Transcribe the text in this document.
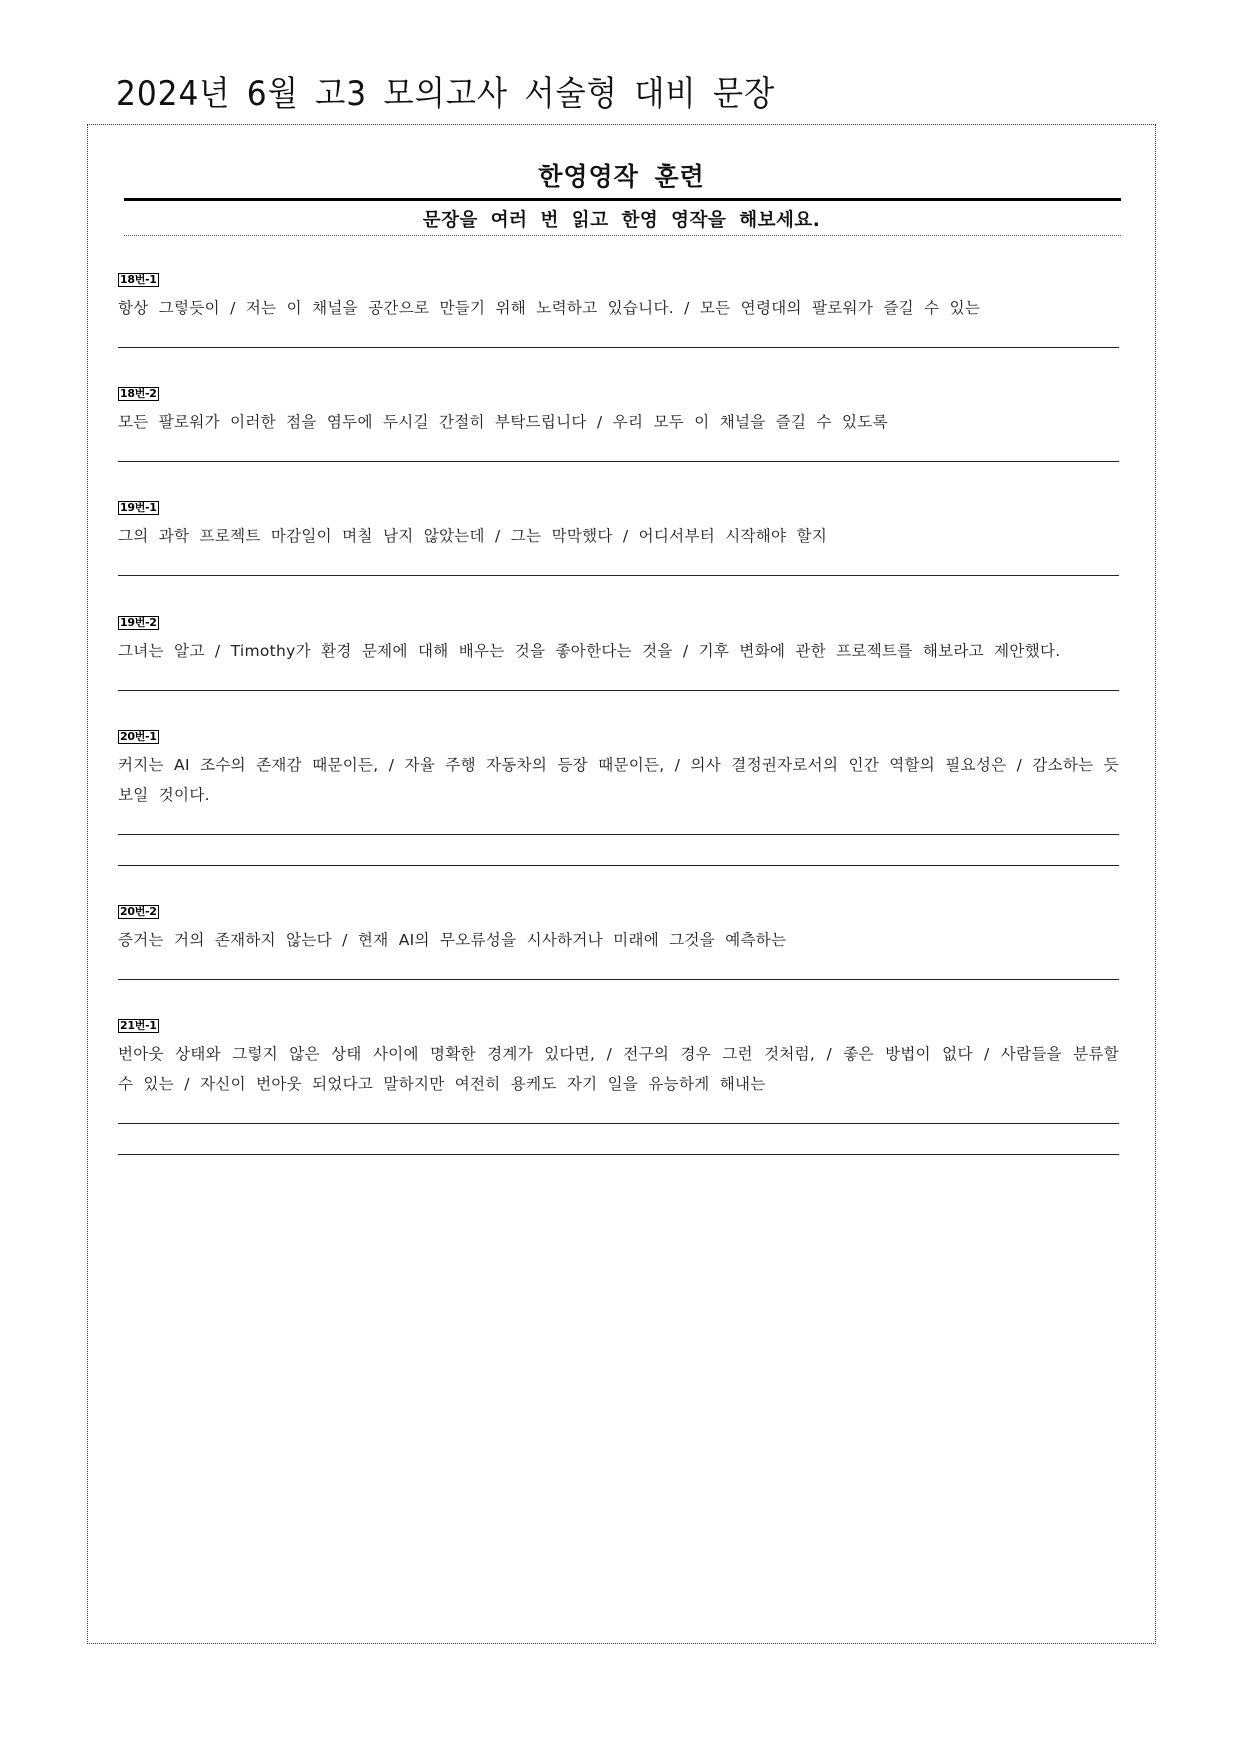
2024년 6월 고3 모의고사 서술형 대비 문장
한영영작 훈련
문장을 여러 번 읽고 한영 영작을 해보세요.
18번-1
항상 그렇듯이 / 저는 이 채널을 공간으로 만들기 위해 노력하고 있습니다. / 모든 연령대의 팔로워가 즐길 수 있는
18번-2
모든 팔로워가 이러한 점을 염두에 두시길 간절히 부탁드립니다 / 우리 모두 이 채널을 즐길 수 있도록
19번-1
그의 과학 프로젝트 마감일이 며칠 남지 않았는데 / 그는 막막했다 / 어디서부터 시작해야 할지
19번-2
그녀는 알고 / Timothy가 환경 문제에 대해 배우는 것을 좋아한다는 것을 / 기후 변화에 관한 프로젝트를 해보라고 제안했다.
20번-1
커지는 AI 조수의 존재감 때문이든, / 자율 주행 자동차의 등장 때문이든, / 의사 결정권자로서의 인간 역할의 필요성은 / 감소하는 듯 보일 것이다.
20번-2
증거는 거의 존재하지 않는다 / 현재 AI의 무오류성을 시사하거나 미래에 그것을 예측하는
21번-1
번아웃 상태와 그렇지 않은 상태 사이에 명확한 경계가 있다면, / 전구의 경우 그런 것처럼, / 좋은 방법이 없다 / 사람들을 분류할 수 있는 / 자신이 번아웃 되었다고 말하지만 여전히 용케도 자기 일을 유능하게 해내는
